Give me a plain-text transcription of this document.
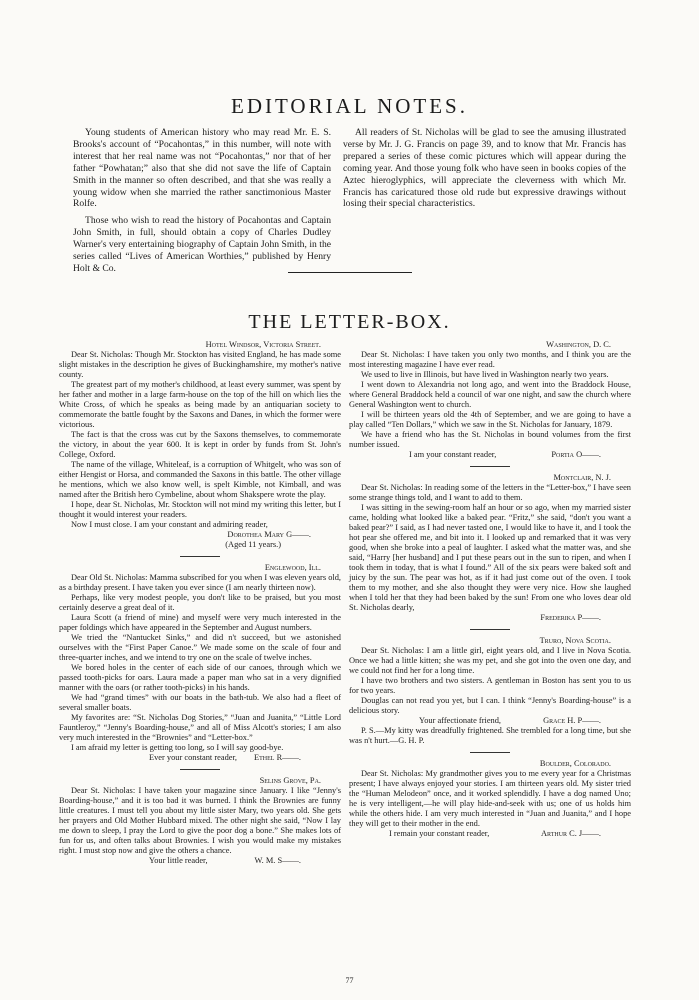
EDITORIAL NOTES.

Young students of American history who may read Mr. E. S. Brooks's account of “Pocahontas,” in this number, will note with interest that her real name was not “Pocahontas,” nor that of her father “Powhatan;” also that she did not save the life of Captain Smith in the manner so often described, and that she was really a young widow when she married the rather sanctimonious Master Rolfe.

Those who wish to read the history of Pocahontas and Captain John Smith, in full, should obtain a copy of Charles Dudley Warner's very entertaining biography of Captain John Smith, in the series called “Lives of American Worthies,” published by Henry Holt & Co.

All readers of St. Nicholas will be glad to see the amusing illustrated verse by Mr. J. G. Francis on page 39, and to know that Mr. Francis has prepared a series of these comic pictures which will appear during the coming year. And those young folk who have seen in books copies of the Aztec hieroglyphics, will appreciate the cleverness with which Mr. Francis has caricatured those old rude but expressive drawings without losing their special characteristics.

THE LETTER-BOX.
Hotel Windsor, Victoria Street.

Dear St. Nicholas: Though Mr. Stockton has visited England, he has made some slight mistakes in the description he gives of Buckinghamshire, my mother's native county.

The greatest part of my mother's childhood, at least every summer, was spent by her father and mother in a large farm-house on the top of the hill on which lies the White Cross, of which he speaks as being made by an antiquarian society to commemorate the battle fought by the Saxons and Danes, in which the former were victorious.

The fact is that the cross was cut by the Saxons themselves, to commemorate the victory, in about the year 600. It is kept in order by funds from St. John's College, Oxford.

The name of the village, Whiteleaf, is a corruption of Whitgelt, who was son of either Hengist or Horsa, and commanded the Saxons in this battle. The other village he mentions, which we also know well, is spelt Kimble, not Kimball, and was named after the British hero Cymbeline, about whom Shakspere wrote the play.

I hope, dear St. Nicholas, Mr. Stockton will not mind my writing this letter, but I thought it would interest your readers.

Now I must close. I am your constant and admiring reader,

Dorothea Mary G——.
(Aged 11 years.)
Englewood, Ill.

Dear Old St. Nicholas: Mamma subscribed for you when I was eleven years old, as a birthday present. I have taken you ever since (I am nearly thirteen now).

Perhaps, like very modest people, you don't like to be praised, but you most certainly deserve a great deal of it.

Laura Scott (a friend of mine) and myself were very much interested in the paper foldings which have appeared in the September and August numbers.

We tried the “Nantucket Sinks,” and did n't succeed, but we astonished ourselves with the “First Paper Canoe.” We made some on the scale of four and three-quarter inches, and we intend to try one on the scale of twelve inches.

We bored holes in the center of each side of our canoes, through which we passed tooth-picks for oars. Laura made a paper man who sat in a very dignified manner with the oars (or rather tooth-picks) in his hands.

We had “grand times” with our boats in the bath-tub. We also had a fleet of several smaller boats.

My favorites are: “St. Nicholas Dog Stories,” “Juan and Juanita,” “Little Lord Fauntleroy,” “Jenny's Boarding-house,” and all of Miss Alcott's stories; I am also very much interested in the “Brownies” and “Letter-box.”

I am afraid my letter is getting too long, so I will say good-bye.

Ever your constant reader, Ethel R——.
Selins Grove, Pa.

Dear St. Nicholas: I have taken your magazine since January. I like “Jenny's Boarding-house,” and it is too bad it was burned. I think the Brownies are funny little creatures. I must tell you about my little sister Mary, two years old. She gets her prayers and Old Mother Hubbard mixed. The other night she said, “Now I lay me down to sleep, I pray the Lord to give the poor dog a bone.” She makes lots of fun for us, and often talks about Brownies. I wish you would make my mistakes right. I must stop now and give the others a chance.

Your little reader,	W. M. S——.
Washington, D. C.

Dear St. Nicholas: I have taken you only two months, and I think you are the most interesting magazine I have ever read.

We used to live in Illinois, but have lived in Washington nearly two years.

I went down to Alexandria not long ago, and went into the Braddock House, where General Braddock held a council of war one night, and saw the church where General Washington went to church.

I will be thirteen years old the 4th of September, and we are going to have a play called “Ten Dollars,” which we saw in the St. Nicholas for January, 1879.

We have a friend who has the St. Nicholas in bound volumes from the first number issued.

I am your constant reader,	Portia O——.
Montclair, N. J.

Dear St. Nicholas: In reading some of the letters in the “Letter-box,” I have seen some strange things told, and I want to add to them.

I was sitting in the sewing-room half an hour or so ago, when my married sister came, holding what looked like a baked pear. “Fritz,” she said, “don't you want a baked pear?” I said, as I had never tasted one, I would like to have it, and I took the hot pear she offered me, and bit into it. I looked up and remarked that it was very good, when she broke into a peal of laughter. I asked what the matter was, and she said, “Harry [her husband] and I put these pears out in the sun to ripen, and when I took them in today, that is what I found.” All of the six pears were baked soft and juicy by the sun. The pear was hot, as if it had just come out of the oven. I took them to my mother, and she also thought they were very nice. How she laughed when I told her that they had been baked by the sun! From one who loves dear old St. Nicholas dearly,

Frederika P——.
Truro, Nova Scotia.

Dear St. Nicholas: I am a little girl, eight years old, and I live in Nova Scotia. Once we had a little kitten; she was my pet, and she got into the oven one day, and we could not find her for a long time.

I have two brothers and two sisters. A gentleman in Boston has sent you to us for two years.

Douglas can not read you yet, but I can. I think “Jenny's Boarding-house” is a delicious story.

Your affectionate friend,	Grace H. P——.

P. S.—My kitty was dreadfully frightened. She trembled for a long time, but she was n't hurt.—G. H. P.

Boulder, Colorado.

Dear St. Nicholas: My grandmother gives you to me every year for a Christmas present; I have always enjoyed your stories. I am thirteen years old. My sister tried the “Human Melodeon” once, and it worked splendidly. I have a dog named Uno; he is very intelligent,—he will play hide-and-seek with us; one of us holds him while the others hide. I am very much interested in “Juan and Juanita,” and I hope they will get to their mother in the end.

I remain your constant reader,	Arthur C. J——.
77
